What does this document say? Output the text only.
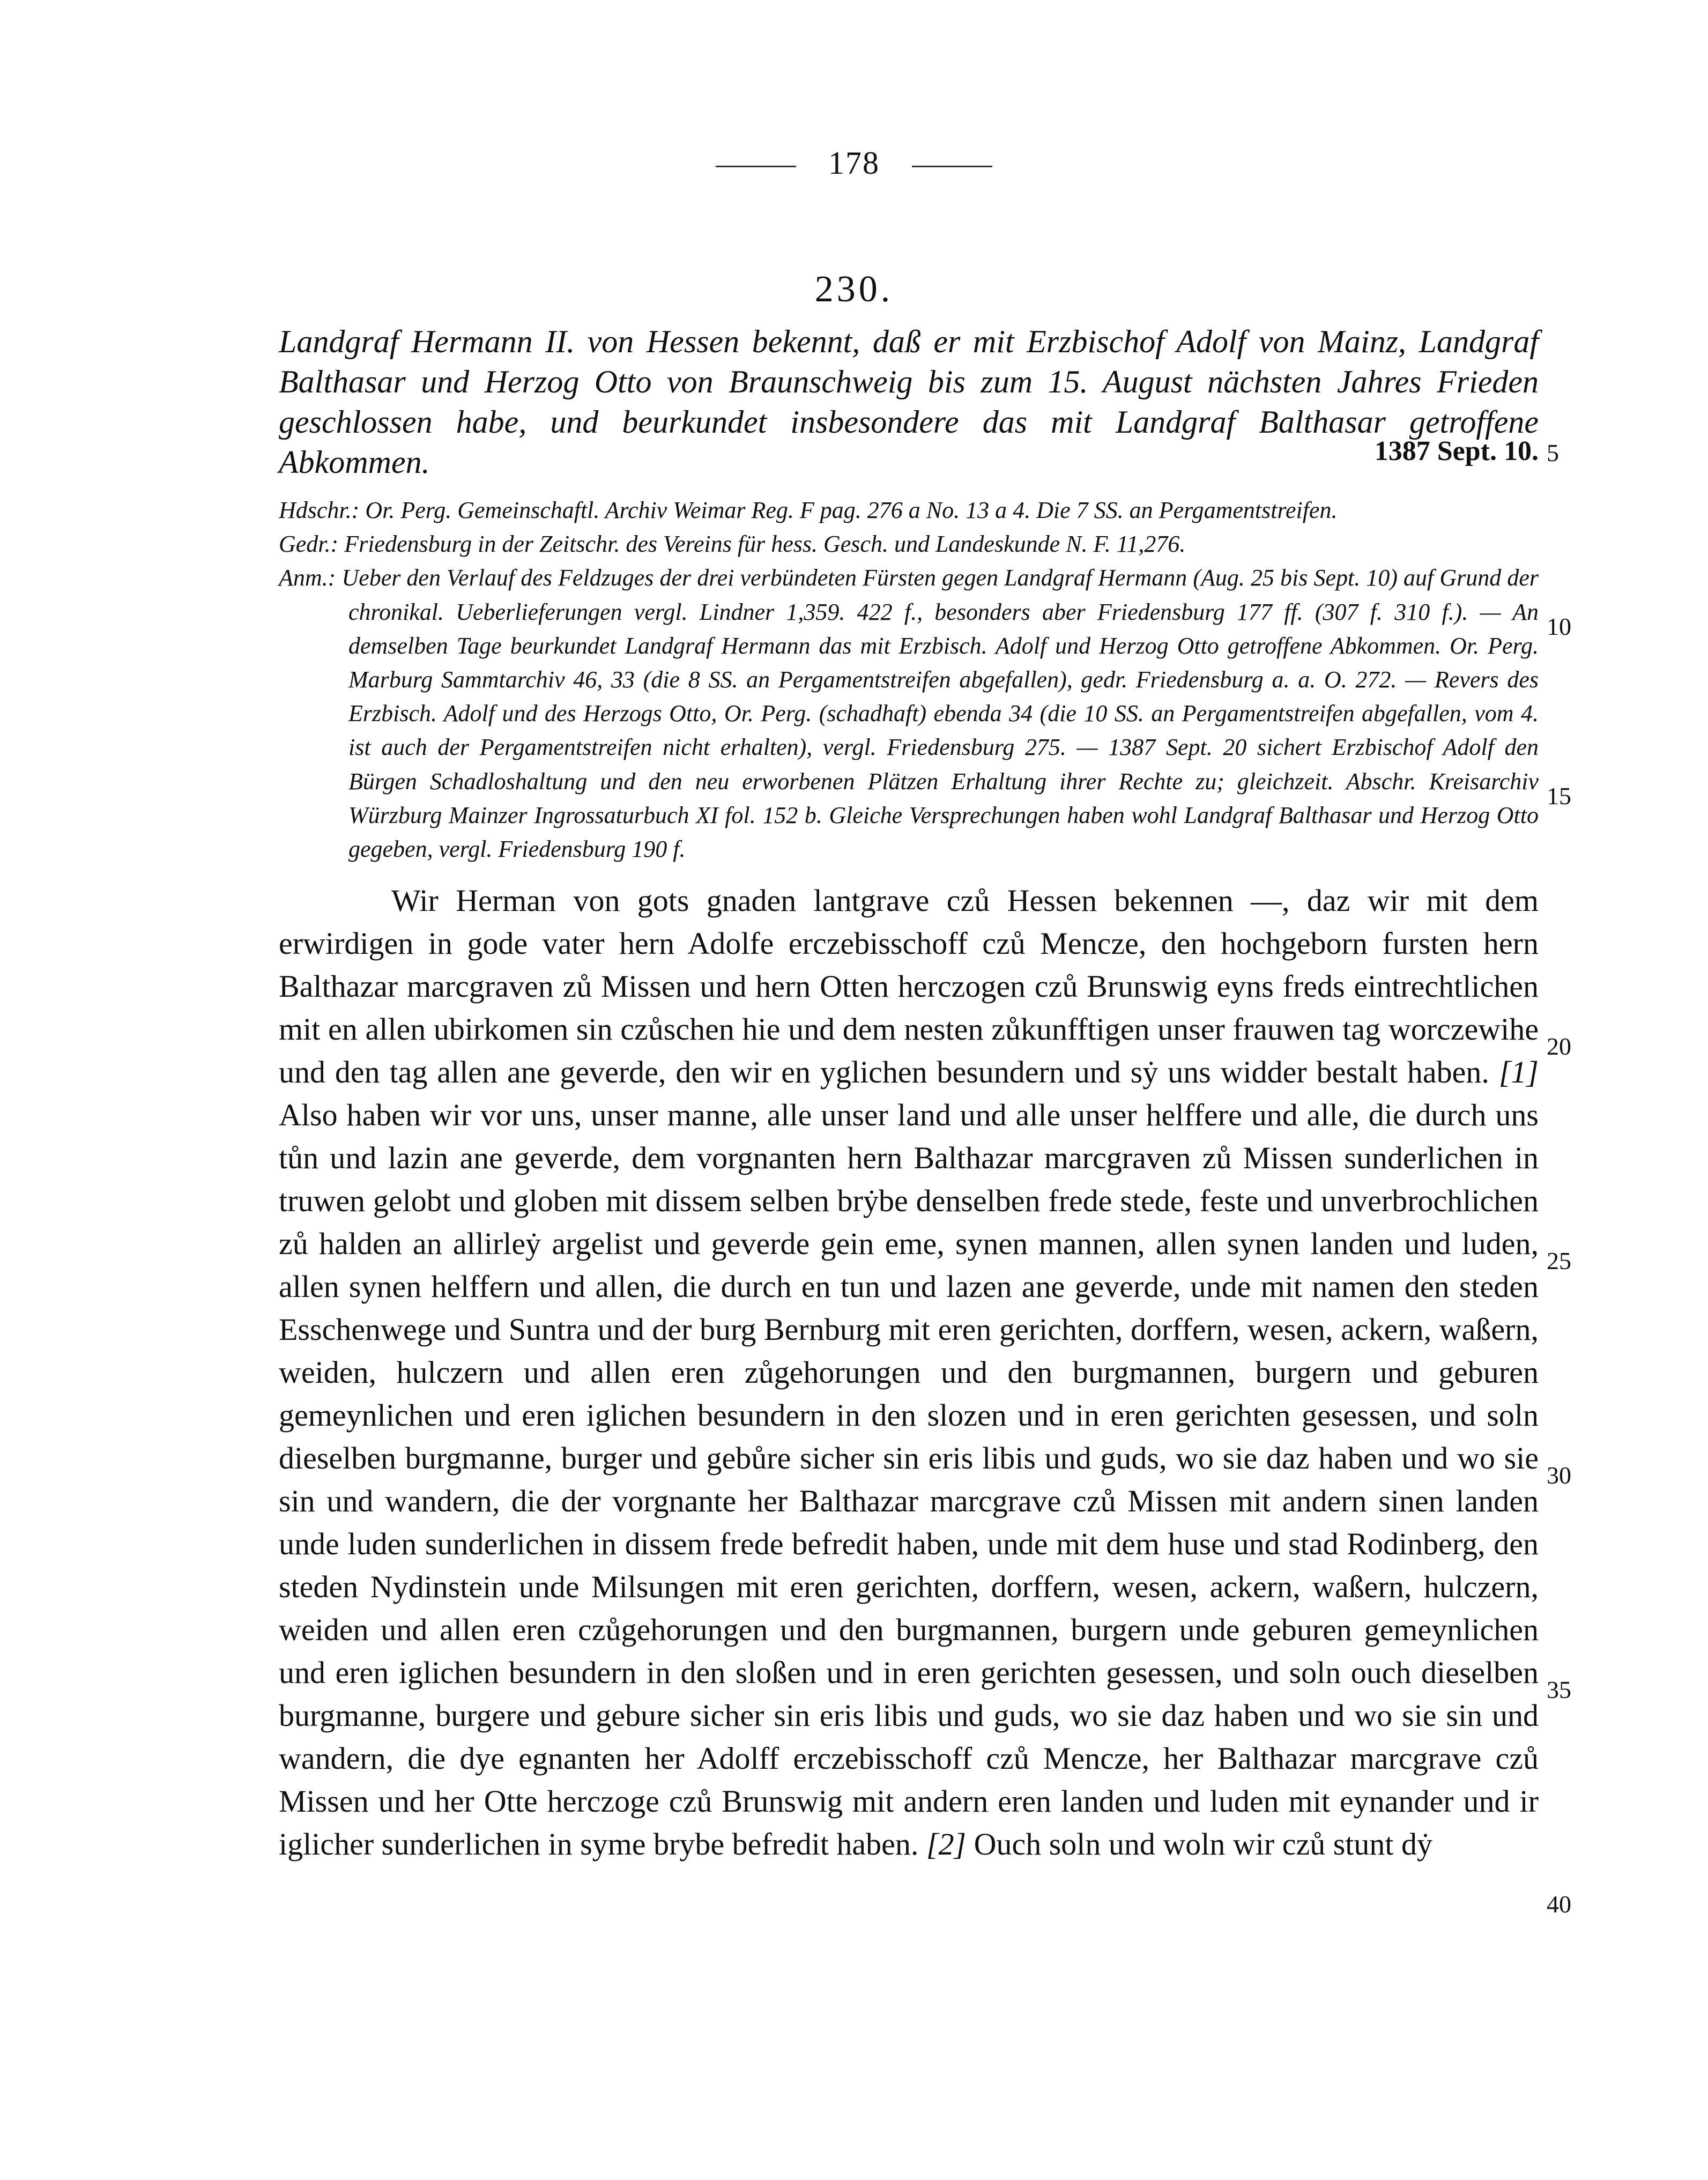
178
230.

Landgraf Hermann II. von Hessen bekennt, daß er mit Erzbischof Adolf von Mainz, Landgraf Balthasar und Herzog Otto von Braunschweig bis zum 15. August nächsten Jahres Frieden geschlossen habe, und beurkundet insbesondere das mit Landgraf Balthasar getroffene Abkommen.	1387 Sept. 10.

Hdschr.: Or. Perg. Gemeinschaftl. Archiv Weimar Reg. F pag. 276 a No. 13 a 4. Die 7 SS. an Pergamentstreifen.

Gedr.: Friedensburg in der Zeitschr. des Vereins für hess. Gesch. und Landeskunde N. F. 11,276.

Anm.: Ueber den Verlauf des Feldzuges der drei verbündeten Fürsten gegen Landgraf Hermann (Aug. 25 bis Sept. 10) auf Grund der chronikal. Ueberlieferungen vergl. Lindner 1,359. 422 f., besonders aber Friedensburg 177 ff. (307 f. 310 f.). — An demselben Tage beurkundet Landgraf Hermann das mit Erzbisch. Adolf und Herzog Otto getroffene Abkommen. Or. Perg. Marburg Sammtarchiv 46, 33 (die 8 SS. an Pergamentstreifen abgefallen), gedr. Friedensburg a. a. O. 272. — Revers des Erzbisch. Adolf und des Herzogs Otto, Or. Perg. (schadhaft) ebenda 34 (die 10 SS. an Pergamentstreifen abgefallen, vom 4. ist auch der Pergamentstreifen nicht erhalten), vergl. Friedensburg 275. — 1387 Sept. 20 sichert Erzbischof Adolf den Bürgen Schadloshaltung und den neu erworbenen Plätzen Erhaltung ihrer Rechte zu; gleichzeit. Abschr. Kreisarchiv Würzburg Mainzer Ingrossaturbuch XI fol. 152 b. Gleiche Versprechungen haben wohl Landgraf Balthasar und Herzog Otto gegeben, vergl. Friedensburg 190 f.

Wir Herman von gots gnaden lantgrave czů Hessen bekennen —, daz wir mit dem erwirdigen in gode vater hern Adolfe erczebisschoff czů Mencze, den hochgeborn fursten hern Balthazar marcgraven zů Missen und hern Otten herczogen czů Brunswig eyns freds eintrechtlichen mit en allen ubirkomen sin czůschen hie und dem nesten zůkunfftigen unser frauwen tag worczewihe und den tag allen ane geverde, den wir en yglichen besundern und sẏ uns widder bestalt haben. [1] Also haben wir vor uns, unser manne, alle unser land und alle unser helffere und alle, die durch uns tůn und lazin ane geverde, dem vorgnanten hern Balthazar marcgraven zů Missen sunderlichen in truwen gelobt und globen mit dissem selben brẏbe denselben frede stede, feste und unverbrochlichen zů halden an allirleẏ argelist und geverde gein eme, synen mannen, allen synen landen und luden, allen synen helffern und allen, die durch en tun und lazen ane geverde, unde mit namen den steden Esschenwege und Suntra und der burg Bernburg mit eren gerichten, dorffern, wesen, ackern, waßern, weiden, hulczern und allen eren zůgehorungen und den burgmannen, burgern und geburen gemeynlichen und eren iglichen besundern in den slozen und in eren gerichten gesessen, und soln dieselben burgmanne, burger und gebůre sicher sin eris libis und guds, wo sie daz haben und wo sie sin und wandern, die der vorgnante her Balthazar marcgrave czů Missen mit andern sinen landen unde luden sunderlichen in dissem frede befredit haben, unde mit dem huse und stad Rodinberg, den steden Nydinstein unde Milsungen mit eren gerichten, dorffern, wesen, ackern, waßern, hulczern, weiden und allen eren czůgehorungen und den burgmannen, burgern unde geburen gemeynlichen und eren iglichen besundern in den sloßen und in eren gerichten gesessen, und soln ouch dieselben burgmanne, burgere und gebure sicher sin eris libis und guds, wo sie daz haben und wo sie sin und wandern, die dye egnanten her Adolff erczebisschoff czů Mencze, her Balthazar marcgrave czů Missen und her Otte herczoge czů Brunswig mit andern eren landen und luden mit eynander und ir iglicher sunderlichen in syme brybe befredit haben. [2] Ouch soln und woln wir czů stunt dẏ

5
10
15
20
25
30
35
40
